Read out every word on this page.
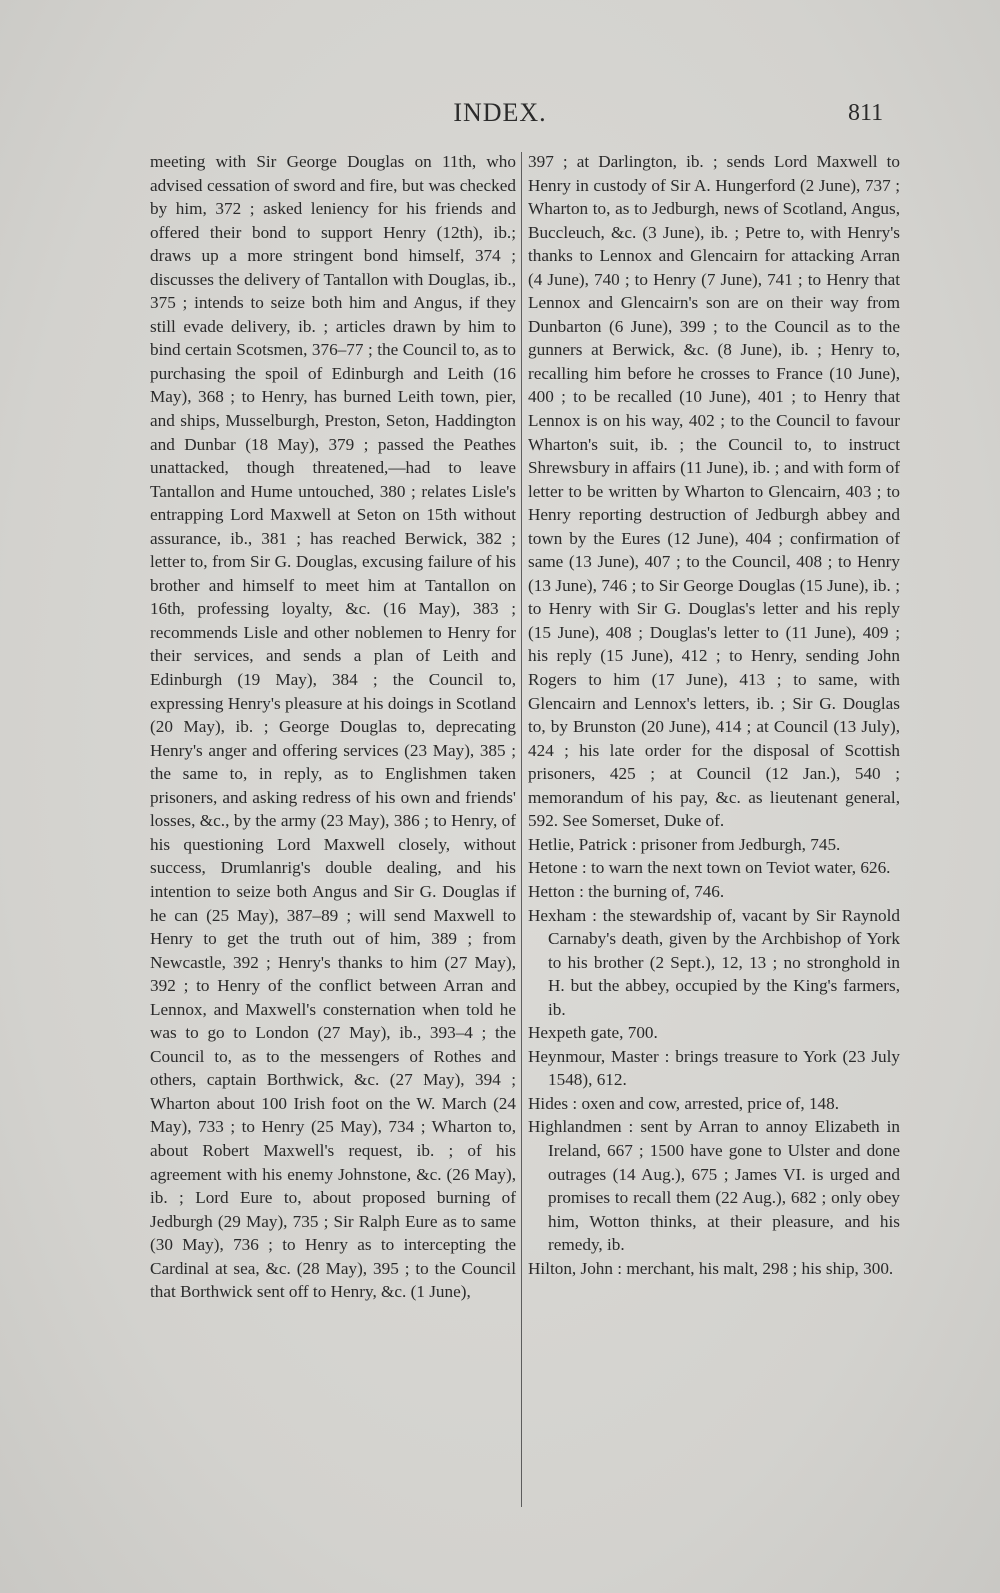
INDEX.	811
meeting with Sir George Douglas on 11th, who advised cessation of sword and fire, but was checked by him, 372 ; asked leniency for his friends and offered their bond to support Henry (12th), ib.; draws up a more stringent bond himself, 374 ; discusses the delivery of Tantallon with Douglas, ib., 375 ; intends to seize both him and Angus, if they still evade delivery, ib. ; articles drawn by him to bind certain Scotsmen, 376–77 ; the Council to, as to purchasing the spoil of Edinburgh and Leith (16 May), 368 ; to Henry, has burned Leith town, pier, and ships, Musselburgh, Preston, Seton, Haddington and Dunbar (18 May), 379 ; passed the Peathes unattacked, though threatened,—had to leave Tantallon and Hume untouched, 380 ; relates Lisle's entrapping Lord Maxwell at Seton on 15th without assurance, ib., 381 ; has reached Berwick, 382 ; letter to, from Sir G. Douglas, excusing failure of his brother and himself to meet him at Tantallon on 16th, professing loyalty, &c. (16 May), 383 ; recommends Lisle and other noblemen to Henry for their services, and sends a plan of Leith and Edinburgh (19 May), 384 ; the Council to, expressing Henry's pleasure at his doings in Scotland (20 May), ib. ; George Douglas to, deprecating Henry's anger and offering services (23 May), 385 ; the same to, in reply, as to Englishmen taken prisoners, and asking redress of his own and friends' losses, &c., by the army (23 May), 386 ; to Henry, of his questioning Lord Maxwell closely, without success, Drumlanrig's double dealing, and his intention to seize both Angus and Sir G. Douglas if he can (25 May), 387–89 ; will send Maxwell to Henry to get the truth out of him, 389 ; from Newcastle, 392 ; Henry's thanks to him (27 May), 392 ; to Henry of the conflict between Arran and Lennox, and Maxwell's consternation when told he was to go to London (27 May), ib., 393–4 ; the Council to, as to the messengers of Rothes and others, captain Borthwick, &c. (27 May), 394 ; Wharton about 100 Irish foot on the W. March (24 May), 733 ; to Henry (25 May), 734 ; Wharton to, about Robert Maxwell's request, ib. ; of his agreement with his enemy Johnstone, &c. (26 May), ib. ; Lord Eure to, about proposed burning of Jedburgh (29 May), 735 ; Sir Ralph Eure as to same (30 May), 736 ; to Henry as to intercepting the Cardinal at sea, &c. (28 May), 395 ; to the Council that Borthwick sent off to Henry, &c. (1 June),
397 ; at Darlington, ib. ; sends Lord Maxwell to Henry in custody of Sir A. Hungerford (2 June), 737 ; Wharton to, as to Jedburgh, news of Scotland, Angus, Buccleuch, &c. (3 June), ib. ; Petre to, with Henry's thanks to Lennox and Glencairn for attacking Arran (4 June), 740 ; to Henry (7 June), 741 ; to Henry that Lennox and Glencairn's son are on their way from Dunbarton (6 June), 399 ; to the Council as to the gunners at Berwick, &c. (8 June), ib. ; Henry to, recalling him before he crosses to France (10 June), 400 ; to be recalled (10 June), 401 ; to Henry that Lennox is on his way, 402 ; to the Council to favour Wharton's suit, ib. ; the Council to, to instruct Shrewsbury in affairs (11 June), ib. ; and with form of letter to be written by Wharton to Glencairn, 403 ; to Henry reporting destruction of Jedburgh abbey and town by the Eures (12 June), 404 ; confirmation of same (13 June), 407 ; to the Council, 408 ; to Henry (13 June), 746 ; to Sir George Douglas (15 June), ib. ; to Henry with Sir G. Douglas's letter and his reply (15 June), 408 ; Douglas's letter to (11 June), 409 ; his reply (15 June), 412 ; to Henry, sending John Rogers to him (17 June), 413 ; to same, with Glencairn and Lennox's letters, ib. ; Sir G. Douglas to, by Brunston (20 June), 414 ; at Council (13 July), 424 ; his late order for the disposal of Scottish prisoners, 425 ; at Council (12 Jan.), 540 ; memorandum of his pay, &c. as lieutenant general, 592. See Somerset, Duke of.
Hetlie, Patrick : prisoner from Jedburgh, 745.
Hetone : to warn the next town on Teviot water, 626.
Hetton : the burning of, 746.
Hexham : the stewardship of, vacant by Sir Raynold Carnaby's death, given by the Archbishop of York to his brother (2 Sept.), 12, 13 ; no stronghold in H. but the abbey, occupied by the King's farmers, ib.
Hexpeth gate, 700.
Heynmour, Master : brings treasure to York (23 July 1548), 612.
Hides : oxen and cow, arrested, price of, 148.
Highlandmen : sent by Arran to annoy Elizabeth in Ireland, 667 ; 1500 have gone to Ulster and done outrages (14 Aug.), 675 ; James VI. is urged and promises to recall them (22 Aug.), 682 ; only obey him, Wotton thinks, at their pleasure, and his remedy, ib.
Hilton, John : merchant, his malt, 298 ; his ship, 300.
